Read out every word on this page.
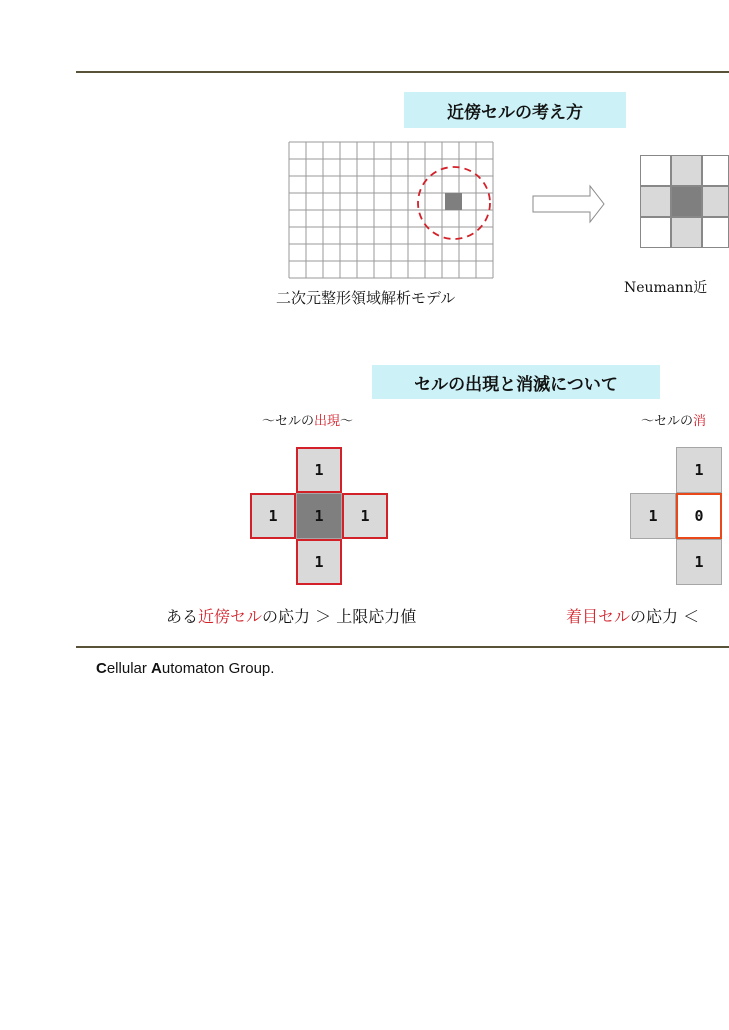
近傍セルの考え方
二次元整形領域解析モデル
Neumann近
セルの出現と消滅について
～セルの出現～	～セルの消
1
1	1	1
1
1
1	0
1
ある近傍セルの応力 ＞ 上限応力値	着目セルの応力 ＜
Cellular Automaton Group.
